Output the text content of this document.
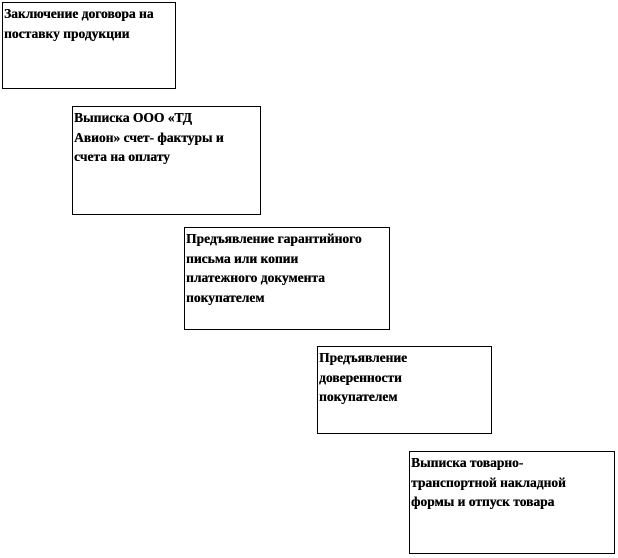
Заключение договора на
поставку продукции
Выписка ООО «ТД
Авион» счет- фактуры и
счета на оплату
Предъявление гарантийного
письма или копии
платежного документа
покупателем
Предъявление
доверенности
покупателем
Выписка товарно-
транспортной накладной
формы и отпуск товара
